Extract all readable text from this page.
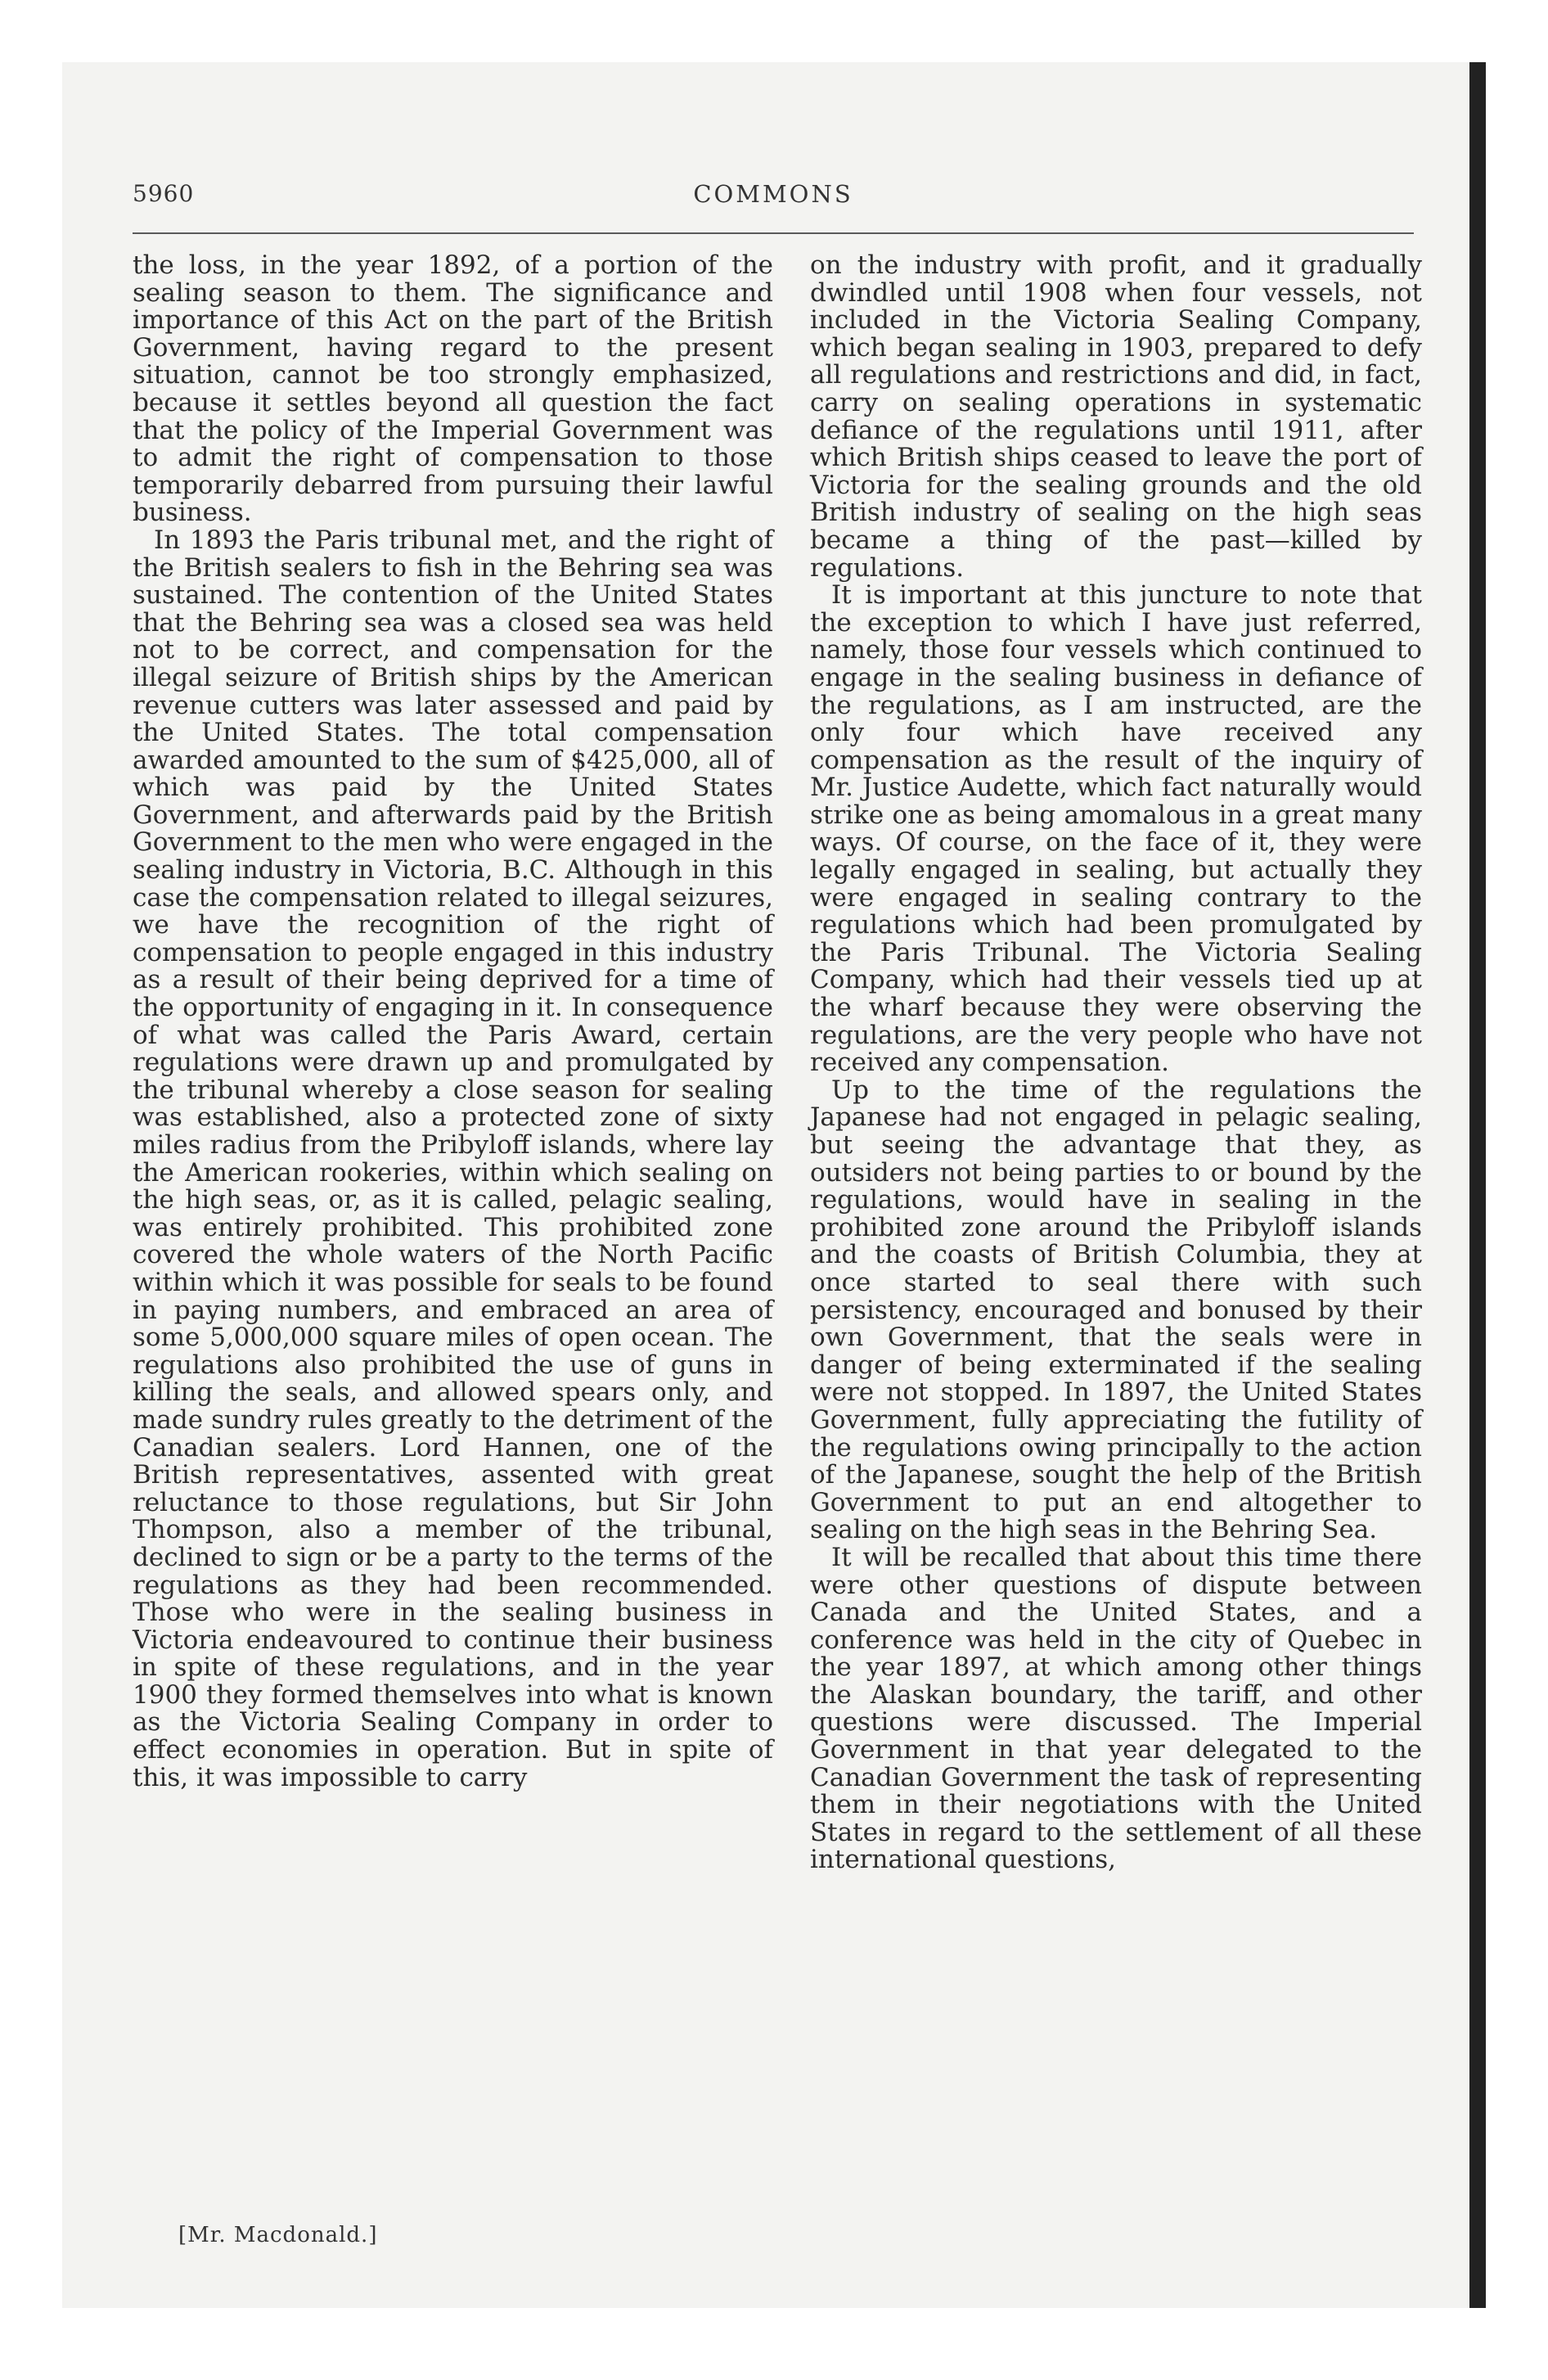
5960	COMMONS

the loss, in the year 1892, of a portion of the sealing season to them. The significance and importance of this Act on the part of the British Government, having regard to the present situation, cannot be too strongly emphasized, because it settles beyond all question the fact that the policy of the Imperial Government was to admit the right of compensation to those temporarily debarred from pursuing their lawful business.

In 1893 the Paris tribunal met, and the right of the British sealers to fish in the Behring sea was sustained. The contention of the United States that the Behring sea was a closed sea was held not to be correct, and compensation for the illegal seizure of British ships by the American revenue cutters was later assessed and paid by the United States. The total compensation awarded amounted to the sum of $425,000, all of which was paid by the United States Government, and afterwards paid by the British Government to the men who were engaged in the sealing industry in Victoria, B.C. Although in this case the compensation related to illegal seizures, we have the recognition of the right of compensation to people engaged in this industry as a result of their being deprived for a time of the opportunity of engaging in it. In consequence of what was called the Paris Award, certain regulations were drawn up and promulgated by the tribunal whereby a close season for sealing was established, also a protected zone of sixty miles radius from the Pribyloff islands, where lay the American rookeries, within which sealing on the high seas, or, as it is called, pelagic sealing, was entirely prohibited. This prohibited zone covered the whole waters of the North Pacific within which it was possible for seals to be found in paying numbers, and embraced an area of some 5,000,000 square miles of open ocean. The regulations also prohibited the use of guns in killing the seals, and allowed spears only, and made sundry rules greatly to the detriment of the Canadian sealers. Lord Hannen, one of the British representatives, assented with great reluctance to those regulations, but Sir John Thompson, also a member of the tribunal, declined to sign or be a party to the terms of the regulations as they had been recommended. Those who were in the sealing business in Victoria endeavoured to continue their business in spite of these regulations, and in the year 1900 they formed themselves into what is known as the Victoria Sealing Company in order to effect economies in operation. But in spite of this, it was impossible to carry

on the industry with profit, and it gradually dwindled until 1908 when four vessels, not included in the Victoria Sealing Company, which began sealing in 1903, prepared to defy all regulations and restrictions and did, in fact, carry on sealing operations in systematic defiance of the regulations until 1911, after which British ships ceased to leave the port of Victoria for the sealing grounds and the old British industry of sealing on the high seas became a thing of the past—killed by regulations.

It is important at this juncture to note that the exception to which I have just referred, namely, those four vessels which continued to engage in the sealing business in defiance of the regulations, as I am instructed, are the only four which have received any compensation as the result of the inquiry of Mr. Justice Audette, which fact naturally would strike one as being amomalous in a great many ways. Of course, on the face of it, they were legally engaged in sealing, but actually they were engaged in sealing contrary to the regulations which had been promulgated by the Paris Tribunal. The Victoria Sealing Company, which had their vessels tied up at the wharf because they were observing the regulations, are the very people who have not received any compensation.

Up to the time of the regulations the Japanese had not engaged in pelagic sealing, but seeing the advantage that they, as outsiders not being parties to or bound by the regulations, would have in sealing in the prohibited zone around the Pribyloff islands and the coasts of British Columbia, they at once started to seal there with such persistency, encouraged and bonused by their own Government, that the seals were in danger of being exterminated if the sealing were not stopped. In 1897, the United States Government, fully appreciating the futility of the regulations owing principally to the action of the Japanese, sought the help of the British Government to put an end altogether to sealing on the high seas in the Behring Sea.

It will be recalled that about this time there were other questions of dispute between Canada and the United States, and a conference was held in the city of Quebec in the year 1897, at which among other things the Alaskan boundary, the tariff, and other questions were discussed. The Imperial Government in that year delegated to the Canadian Government the task of representing them in their negotiations with the United States in regard to the settlement of all these international questions,

[Mr. Macdonald.]
